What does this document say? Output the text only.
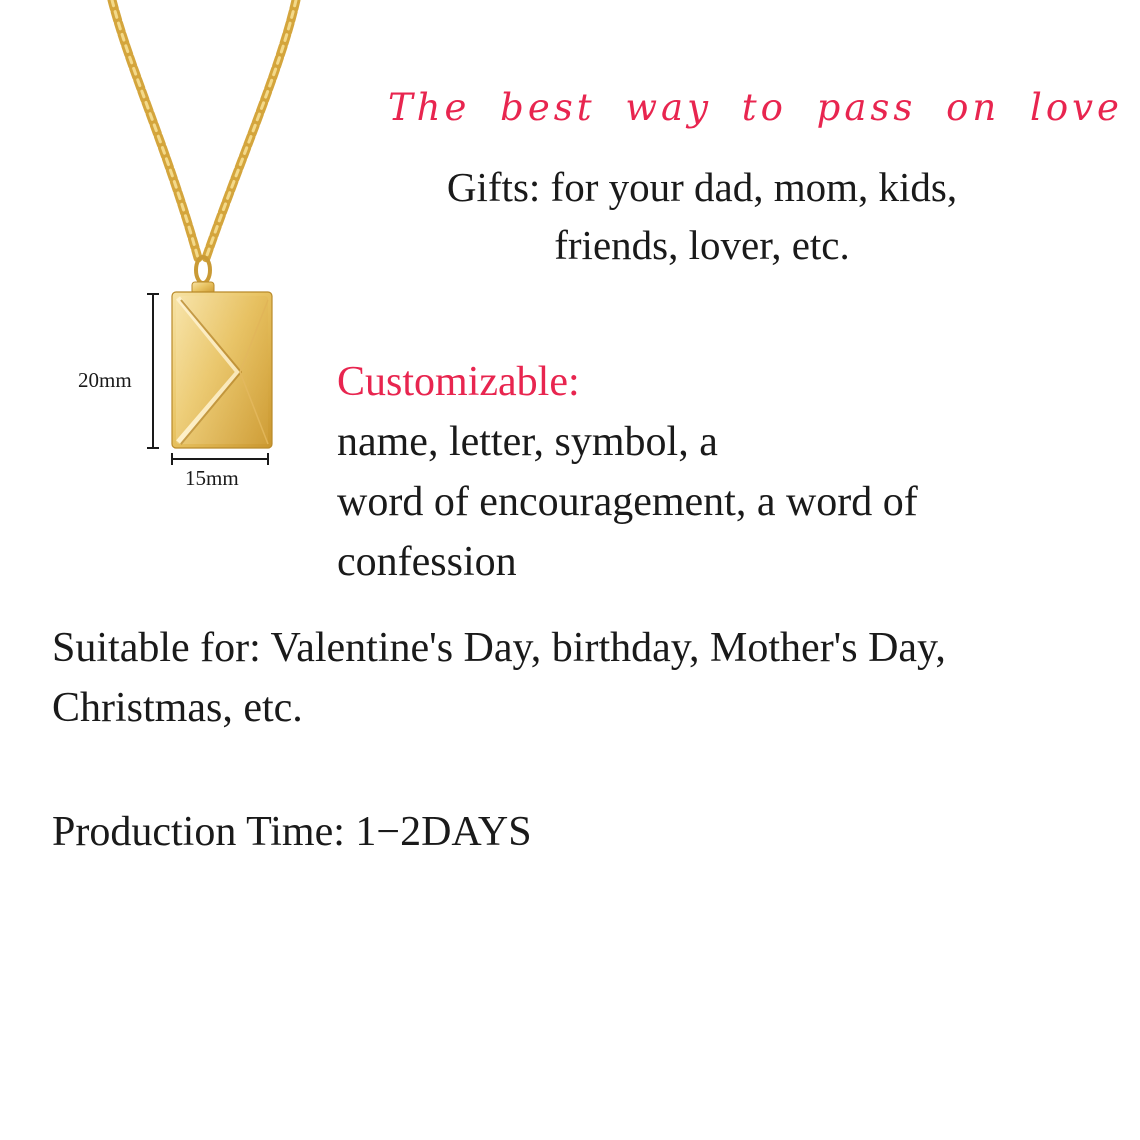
20mm
15mm

The best way to pass on love

Gifts: for your dad, mom, kids,
friends, lover, etc.

Customizable:

name, letter, symbol, a

word of encouragement, a word of

confession

Suitable for: Valentine's Day, birthday, Mother's Day,

Christmas, etc.

Production Time: 1−2DAYS
